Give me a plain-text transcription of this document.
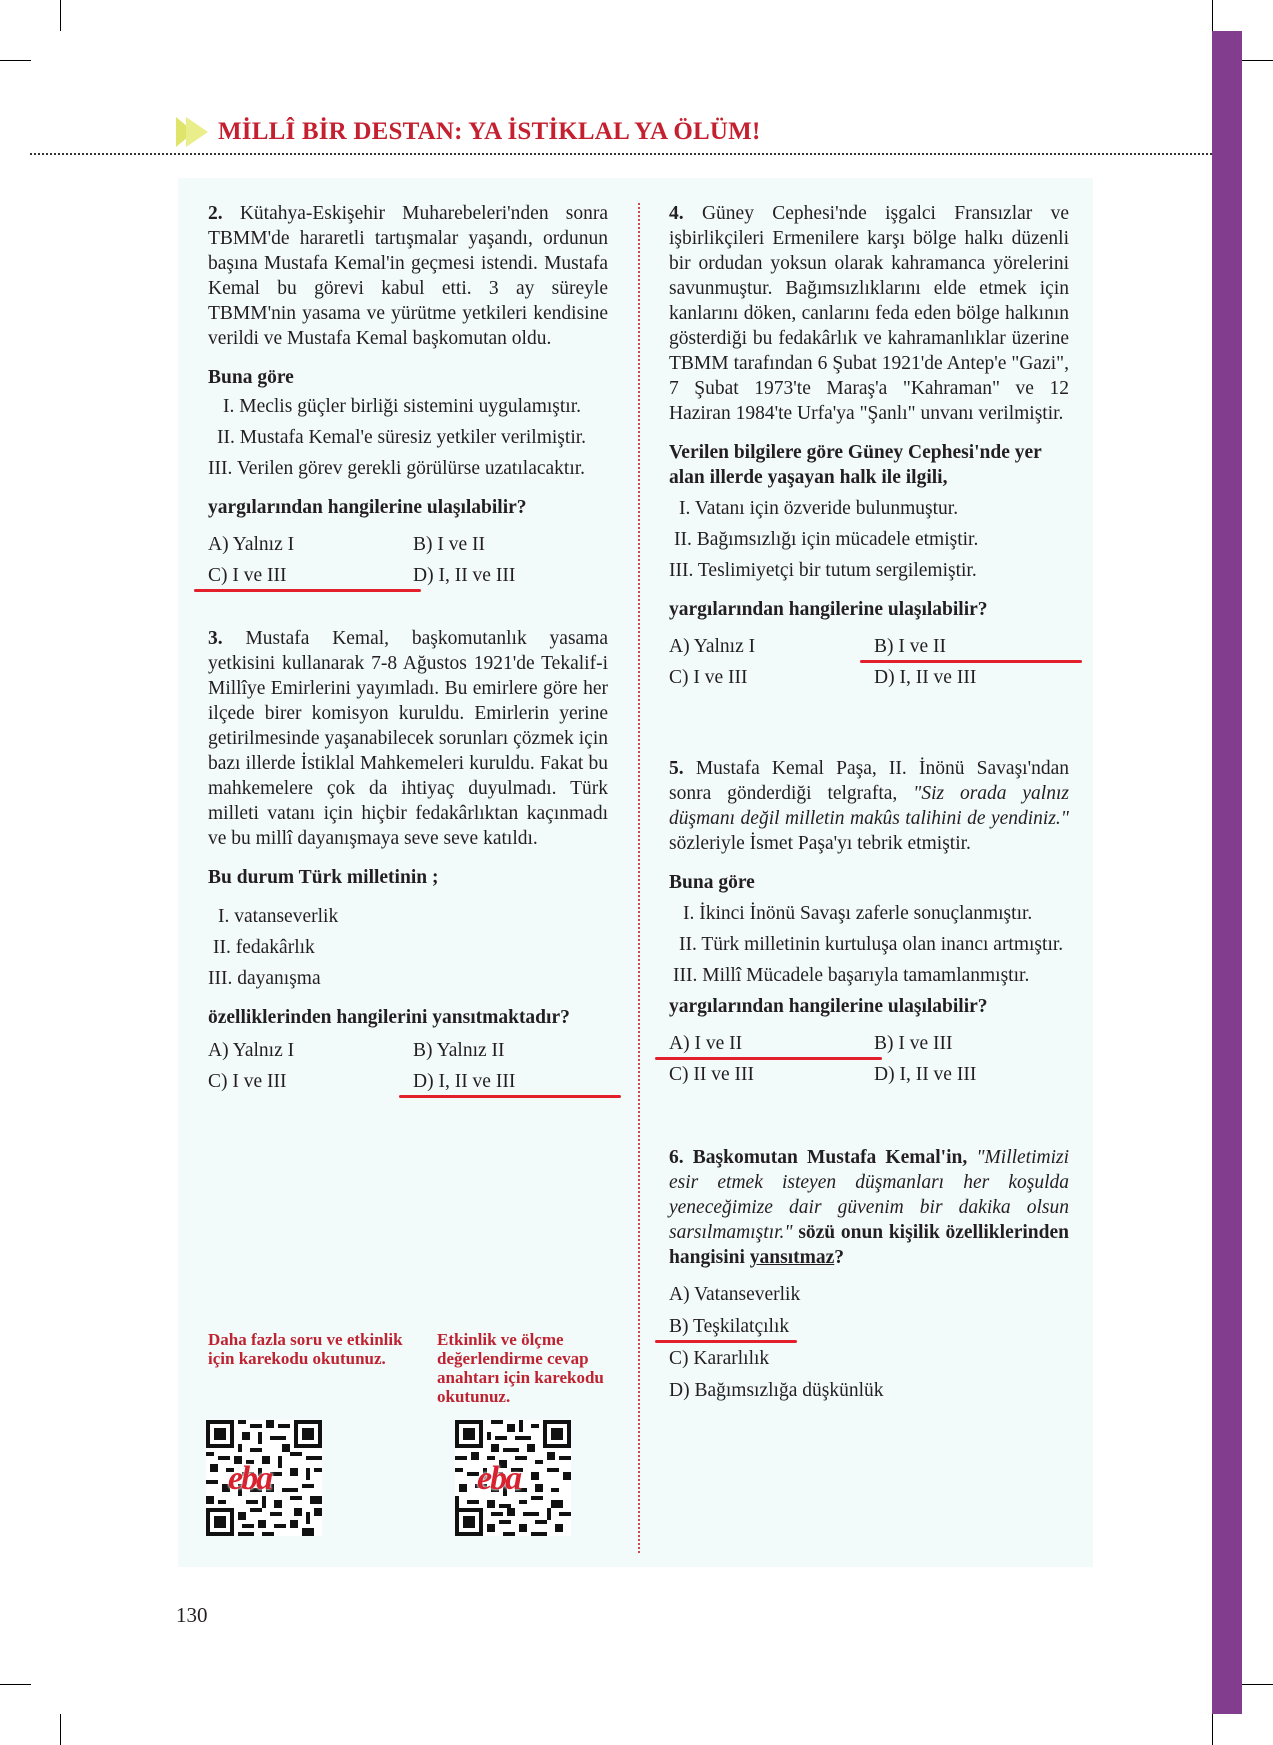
MİLLÎ BİR DESTAN: YA İSTİKLAL YA ÖLÜM!

2. Kütahya-Eskişehir Muharebeleri'nden sonra TBMM'de hararetli tartışmalar yaşandı, ordunun başına Mustafa Kemal'in geçmesi istendi. Mustafa Kemal bu görevi kabul etti. 3 ay süreyle TBMM'nin yasama ve yürütme yetkileri kendisine verildi ve Mustafa Kemal başkomutan oldu.

Buna göre

I. Meclis güçler birliği sistemini uygulamıştır.

II. Mustafa Kemal'e süresiz yetkiler verilmiştir.

III. Verilen görev gerekli görülürse uzatılacaktır.

yargılarından hangilerine ulaşılabilir?

A) Yalnız I	B) I ve II
C) I ve III	D) I, II ve III

3. Mustafa Kemal, başkomutanlık yasama yetkisini kullanarak 7-8 Ağustos 1921'de Tekalif-i Millîye Emirlerini yayımladı. Bu emirlere göre her ilçede birer komisyon kuruldu. Emirlerin yerine getirilmesinde yaşanabilecek sorunları çözmek için bazı illerde İstiklal Mahkemeleri kuruldu. Fakat bu mahkemelere çok da ihtiyaç duyulmadı. Türk milleti vatanı için hiçbir fedakârlıktan kaçınmadı ve bu millî dayanışmaya seve seve katıldı.

Bu durum Türk milletinin ;

I. vatanseverlik

II. fedakârlık

III. dayanışma

özelliklerinden hangilerini yansıtmaktadır?

A) Yalnız I	B) Yalnız II
C) I ve III	D) I, II ve III
Daha fazla soru ve etkinlik için karekodu okutunuz.
Etkinlik ve ölçme değerlendirme cevap anahtarı için karekodu okutunuz.
eba	eba

4. Güney Cephesi'nde işgalci Fransızlar ve işbirlikçileri Ermenilere karşı bölge halkı düzenli bir ordudan yoksun olarak kahramanca yörelerini savunmuştur. Bağımsızlıklarını elde etmek için kanlarını döken, canlarını feda eden bölge halkının gösterdiği bu fedakârlık ve kahramanlıklar üzerine TBMM tarafından 6 Şubat 1921'de Antep'e "Gazi", 7 Şubat 1973'te Maraş'a "Kahraman" ve 12 Haziran 1984'te Urfa'ya "Şanlı" unvanı verilmiştir.

Verilen bilgilere göre Güney Cephesi'nde yer alan illerde yaşayan halk ile ilgili,

I. Vatanı için özveride bulunmuştur.

II. Bağımsızlığı için mücadele etmiştir.

III. Teslimiyetçi bir tutum sergilemiştir.

yargılarından hangilerine ulaşılabilir?

A) Yalnız I	B) I ve II
C) I ve III	D) I, II ve III

5. Mustafa Kemal Paşa, II. İnönü Savaşı'ndan sonra gönderdiği telgrafta, "Siz orada yalnız düşmanı değil milletin makûs talihini de yendiniz." sözleriyle İsmet Paşa'yı tebrik etmiştir.

Buna göre

I. İkinci İnönü Savaşı zaferle sonuçlanmıştır.

II. Türk milletinin kurtuluşa olan inancı artmıştır.

III. Millî Mücadele başarıyla tamamlanmıştır.

yargılarından hangilerine ulaşılabilir?

A) I ve II	B) I ve III
C) II ve III	D) I, II ve III

6. Başkomutan Mustafa Kemal'in, "Milletimizi esir etmek isteyen düşmanları her koşulda yeneceğimize dair güvenim bir dakika olsun sarsılmamıştır." sözü onun kişilik özelliklerinden hangisini yansıtmaz?

A) Vatanseverlik
B) Teşkilatçılık
C) Kararlılık
D) Bağımsızlığa düşkünlük
130
